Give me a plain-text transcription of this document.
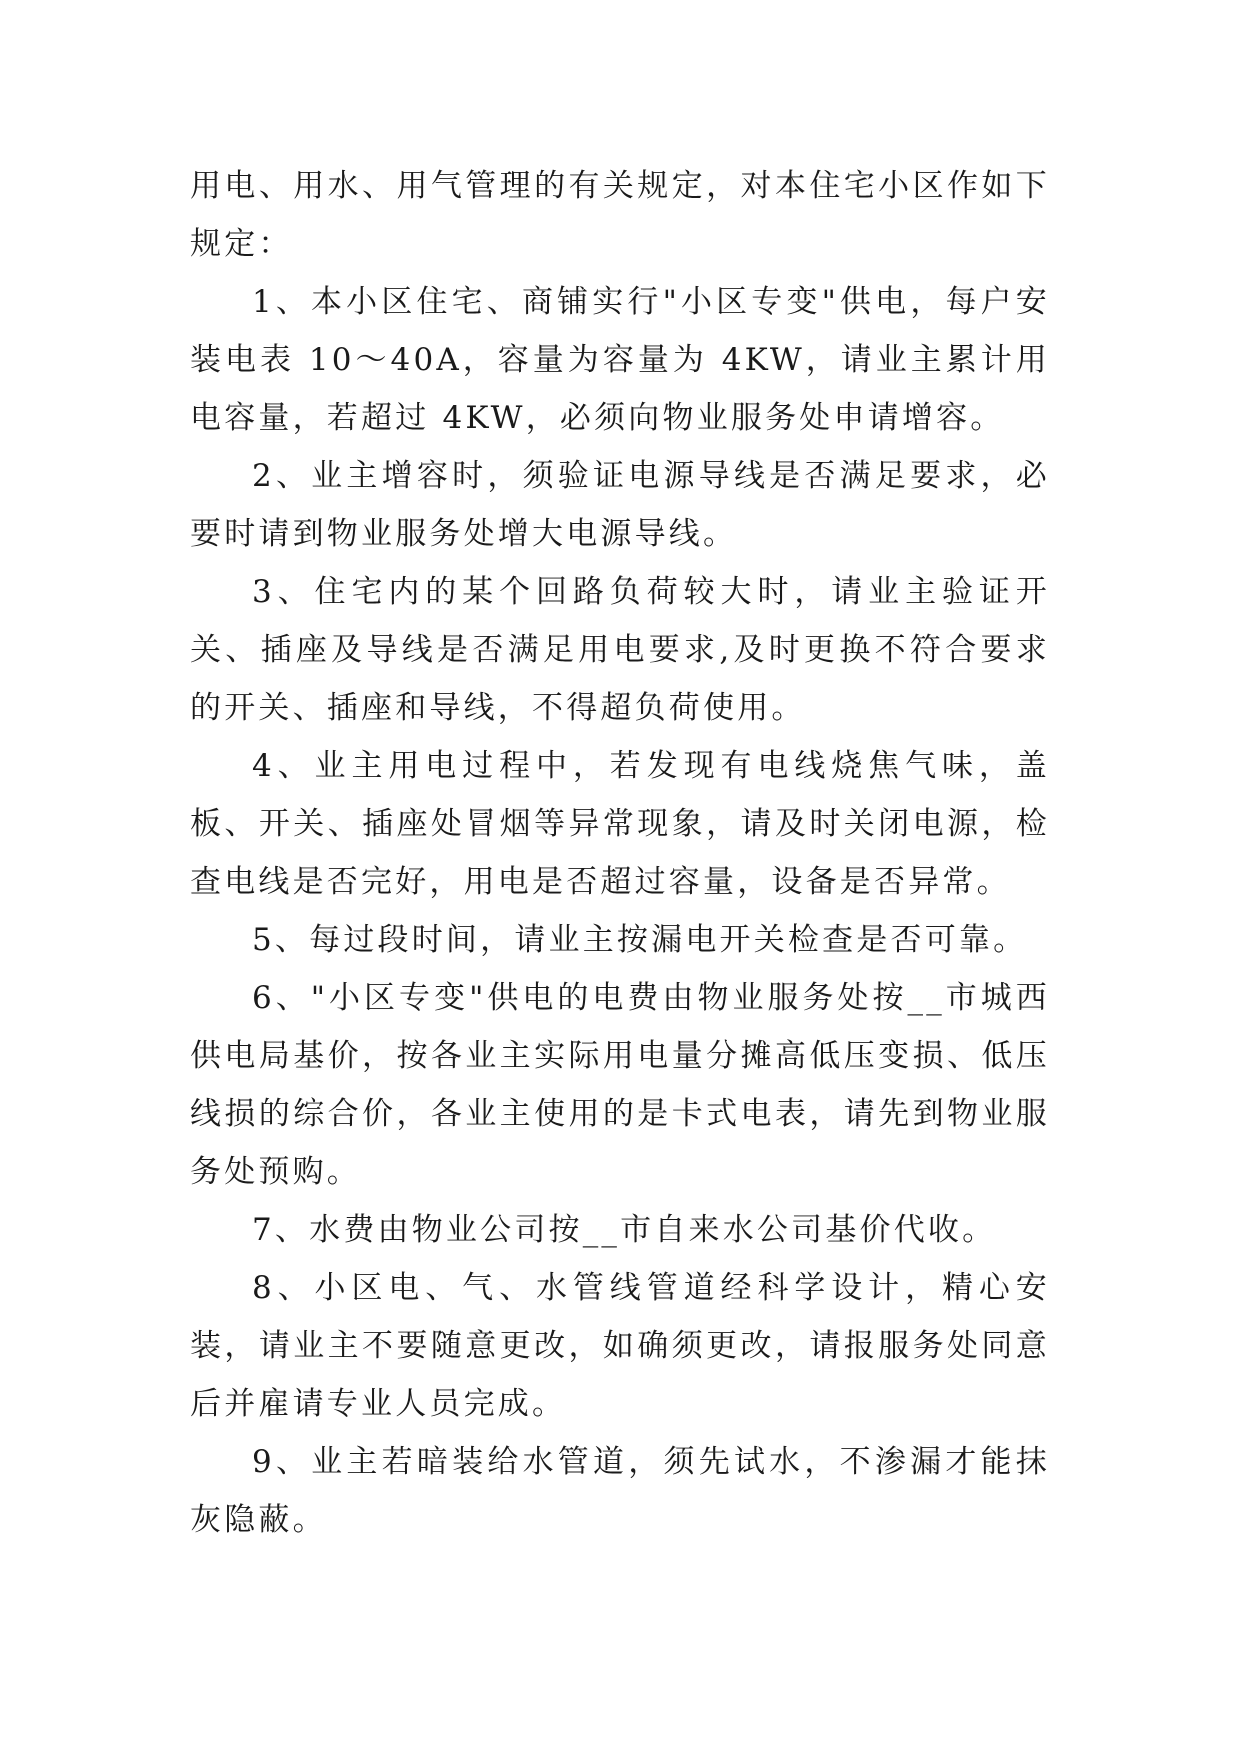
用电、用水、用气管理的有关规定，对本住宅小区作如下规定：

1、本小区住宅、商铺实行"小区专变"供电，每户安装电表 10～40A，容量为容量为 4KW，请业主累计用电容量，若超过 4KW，必须向物业服务处申请增容。

2、业主增容时，须验证电源导线是否满足要求，必要时请到物业服务处增大电源导线。

3、住宅内的某个回路负荷较大时，请业主验证开关、插座及导线是否满足用电要求,及时更换不符合要求的开关、插座和导线，不得超负荷使用。

4、业主用电过程中，若发现有电线烧焦气味，盖板、开关、插座处冒烟等异常现象，请及时关闭电源，检查电线是否完好，用电是否超过容量，设备是否异常。

5、每过段时间，请业主按漏电开关检查是否可靠。

6、"小区专变"供电的电费由物业服务处按__市城西供电局基价，按各业主实际用电量分摊高低压变损、低压线损的综合价，各业主使用的是卡式电表，请先到物业服务处预购。

7、水费由物业公司按__市自来水公司基价代收。

8、小区电、气、水管线管道经科学设计，精心安装，请业主不要随意更改，如确须更改，请报服务处同意后并雇请专业人员完成。

9、业主若暗装给水管道，须先试水，不渗漏才能抹灰隐蔽。
